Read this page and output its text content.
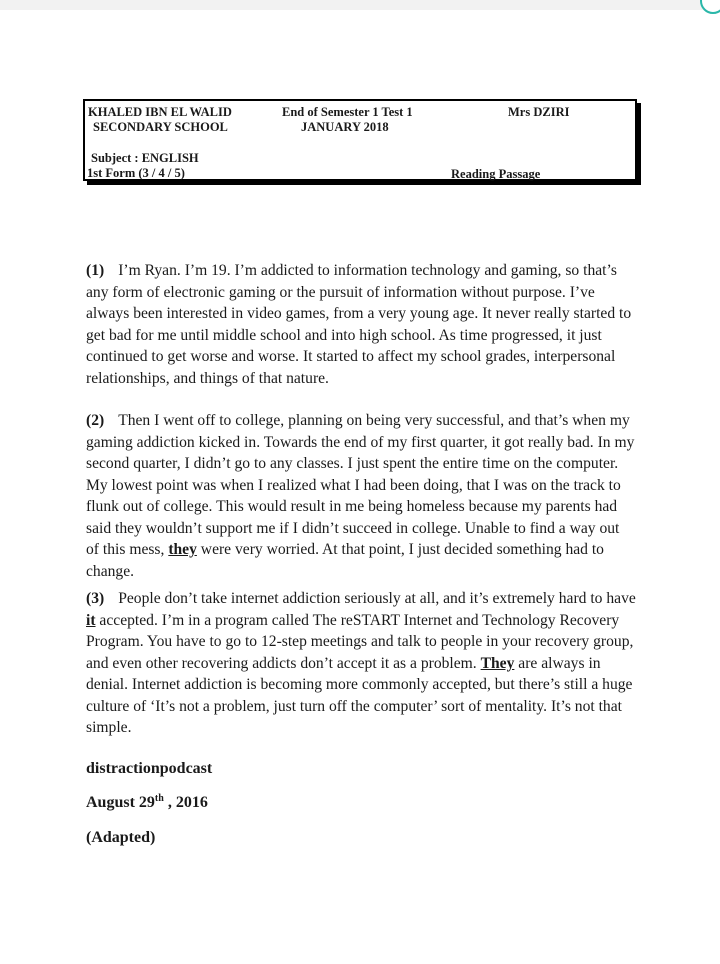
KHALED IBN EL WALID
SECONDARY SCHOOL
End of Semester 1 Test 1
JANUARY 2018
Mrs DZIRI
Subject : ENGLISH
1st Form (3 / 4 / 5)	Reading Passage
(1) I’m Ryan. I’m 19. I’m addicted to information technology and gaming, so that’s any form of electronic gaming or the pursuit of information without purpose. I’ve always been interested in video games, from a very young age. It never really started to get bad for me until middle school and into high school. As time progressed, it just continued to get worse and worse. It started to affect my school grades, interpersonal relationships, and things of that nature.
(2) Then I went off to college, planning on being very successful, and that’s when my gaming addiction kicked in. Towards the end of my first quarter, it got really bad. In my second quarter, I didn’t go to any classes. I just spent the entire time on the computer. My lowest point was when I realized what I had been doing, that I was on the track to flunk out of college. This would result in me being homeless because my parents had said they wouldn’t support me if I didn’t succeed in college. Unable to find a way out of this mess, they were very worried. At that point, I just decided something had to change.
(3) People don’t take internet addiction seriously at all, and it’s extremely hard to have it accepted. I’m in a program called The reSTART Internet and Technology Recovery Program. You have to go to 12-step meetings and talk to people in your recovery group, and even other recovering addicts don’t accept it as a problem. They are always in denial. Internet addiction is becoming more commonly accepted, but there’s still a huge culture of ‘It’s not a problem, just turn off the computer’ sort of mentality. It’s not that simple.
distractionpodcast
August 29th , 2016
(Adapted)
